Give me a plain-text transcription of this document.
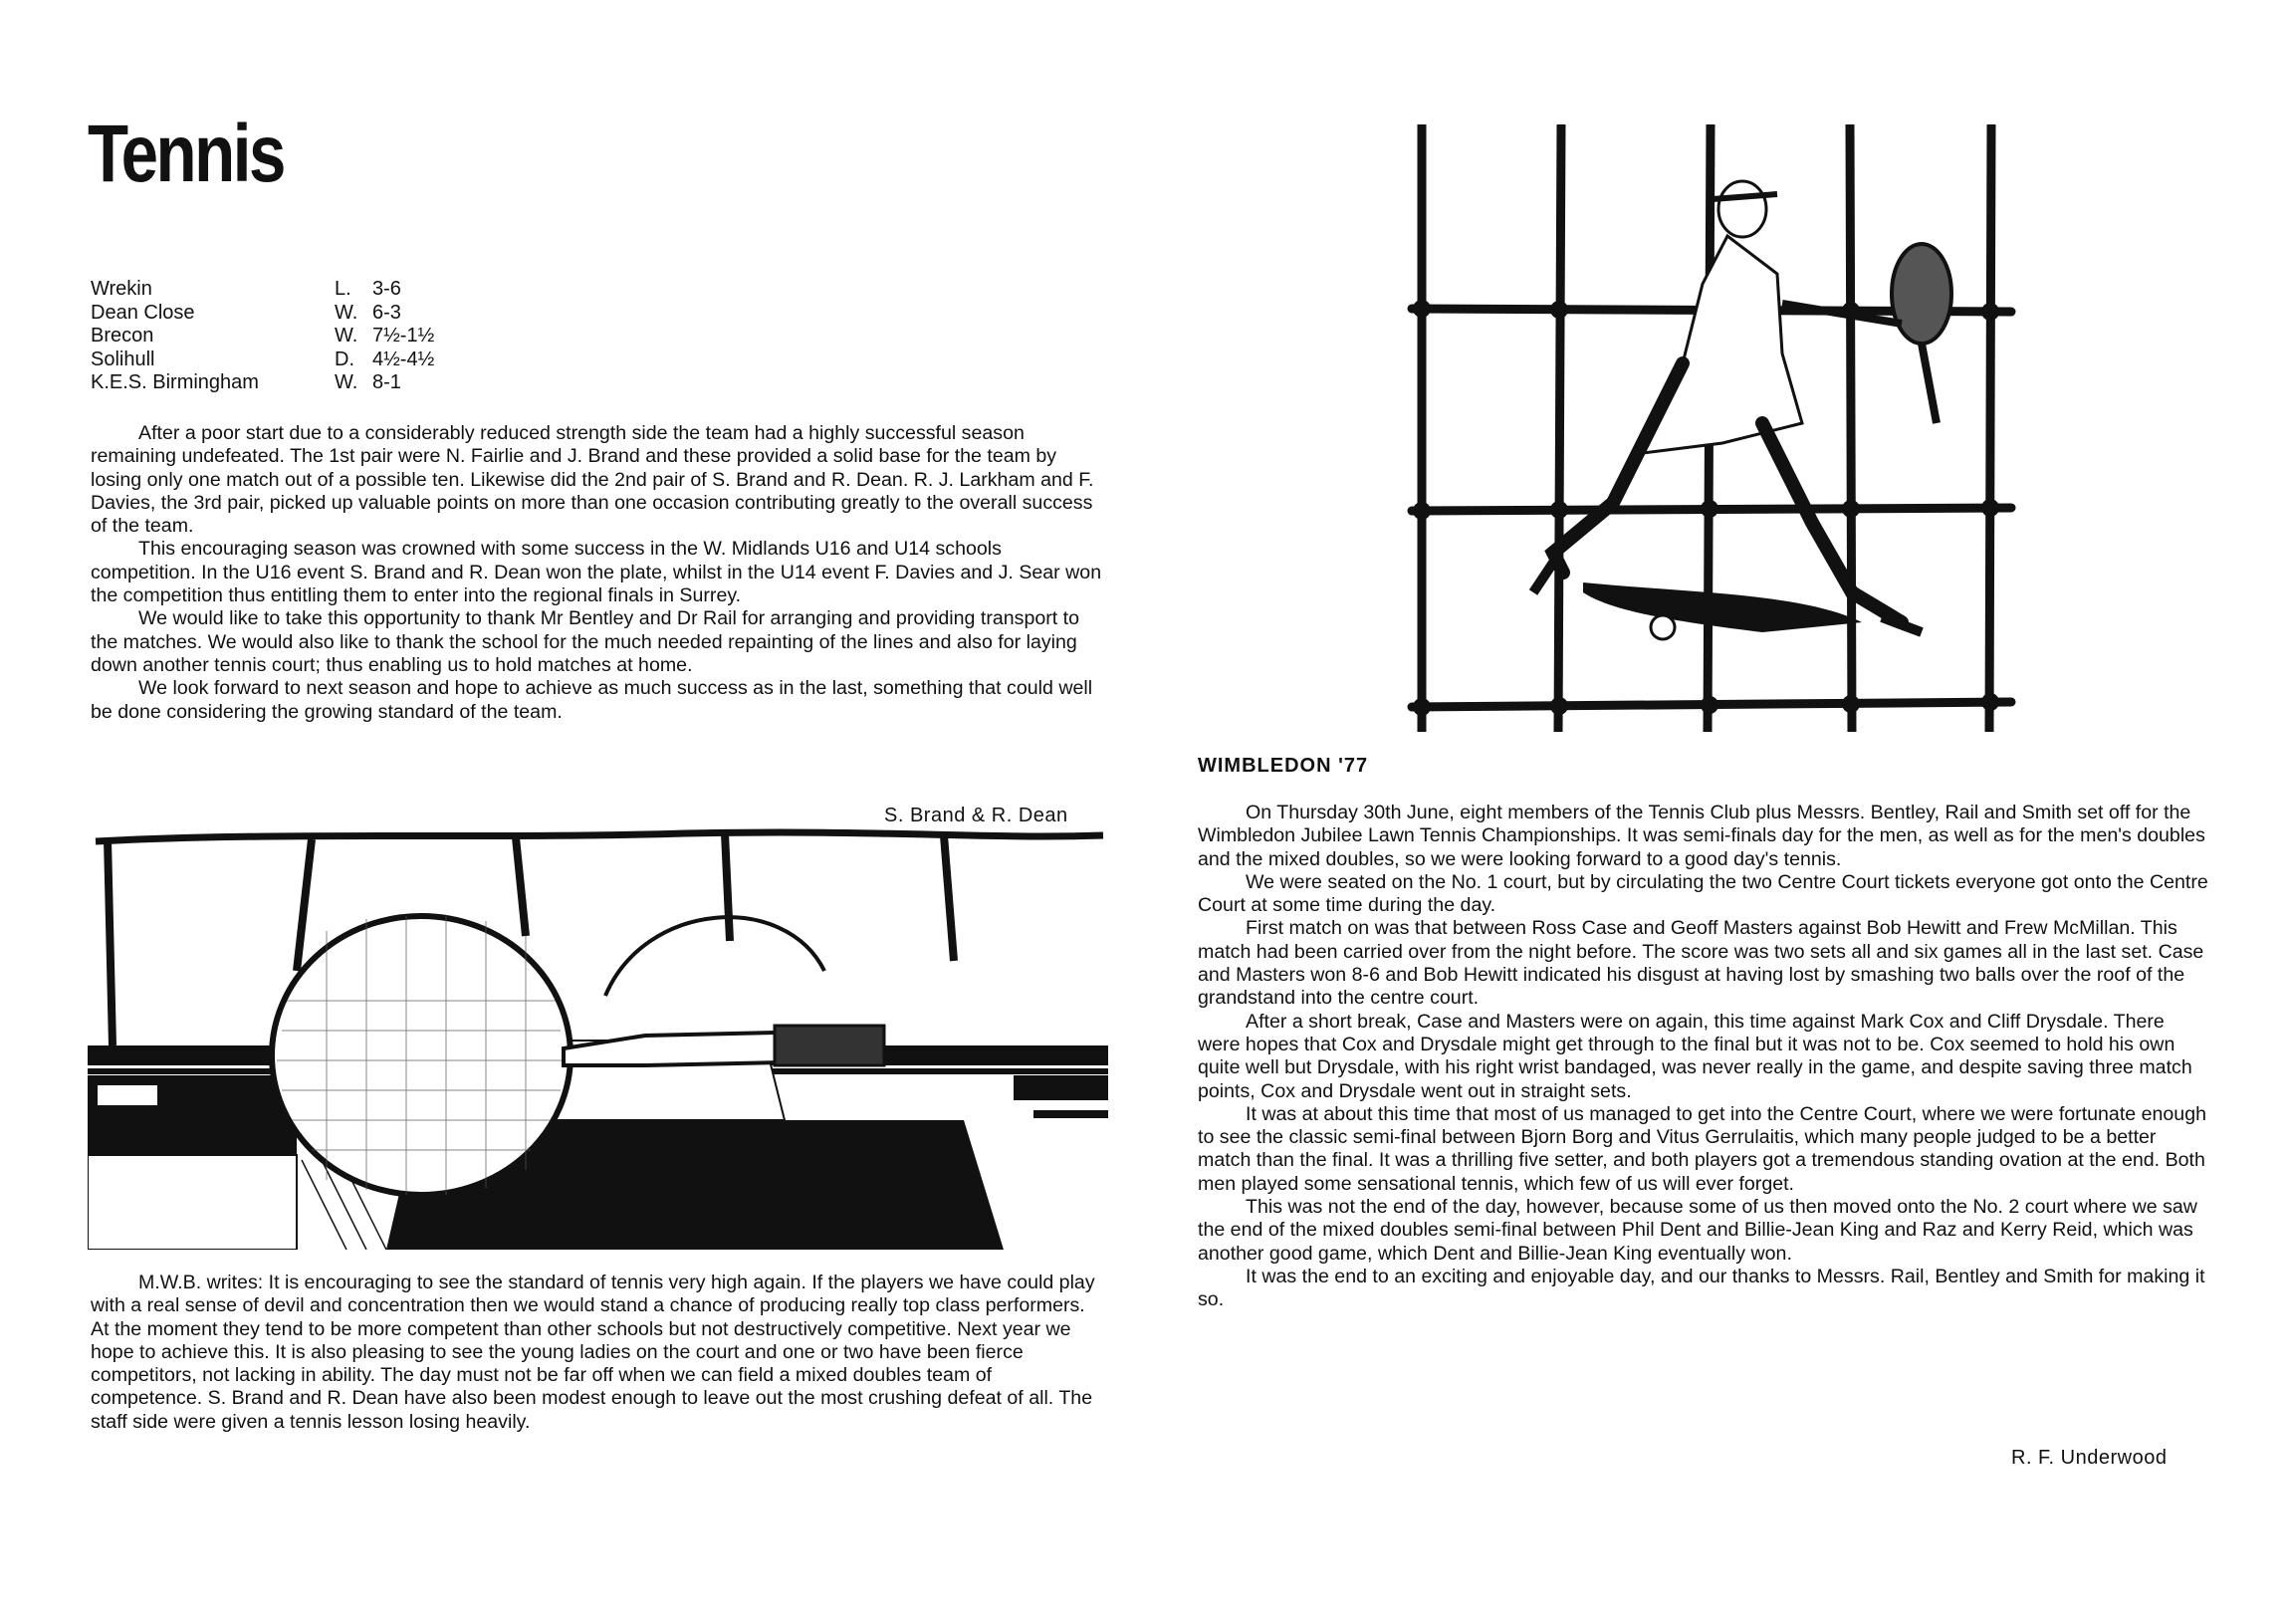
Tennis
Wrekin	L.	3-6
Dean Close	W. 6-3
Brecon	W. 7½-1½
Solihull	D. 4½-4½
K.E.S. Birmingham	W. 8-1

After a poor start due to a considerably reduced strength side the team had a highly successful season remaining undefeated. The 1st pair were N. Fairlie and J. Brand and these provided a solid base for the team by losing only one match out of a possible ten. Likewise did the 2nd pair of S. Brand and R. Dean. R. J. Larkham and F. Davies, the 3rd pair, picked up valuable points on more than one occasion contributing greatly to the overall success of the team.

This encouraging season was crowned with some success in the W. Midlands U16 and U14 schools competition. In the U16 event S. Brand and R. Dean won the plate, whilst in the U14 event F. Davies and J. Sear won the competition thus entitling them to enter into the regional finals in Surrey.

We would like to take this opportunity to thank Mr Bentley and Dr Rail for arranging and providing transport to the matches. We would also like to thank the school for the much needed repainting of the lines and also for laying down another tennis court; thus enabling us to hold matches at home.

We look forward to next season and hope to achieve as much success as in the last, something that could well be done considering the growing standard of the team.

S. Brand & R. Dean

M.W.B. writes: It is encouraging to see the standard of tennis very high again. If the players we have could play with a real sense of devil and concentration then we would stand a chance of producing really top class performers. At the moment they tend to be more competent than other schools but not destructively competitive. Next year we hope to achieve this. It is also pleasing to see the young ladies on the court and one or two have been fierce competitors, not lacking in ability. The day must not be far off when we can field a mixed doubles team of competence. S. Brand and R. Dean have also been modest enough to leave out the most crushing defeat of all. The staff side were given a tennis lesson losing heavily.

WIMBLEDON '77

On Thursday 30th June, eight members of the Tennis Club plus Messrs. Bentley, Rail and Smith set off for the Wimbledon Jubilee Lawn Tennis Championships. It was semi-finals day for the men, as well as for the men's doubles and the mixed doubles, so we were looking forward to a good day's tennis.

We were seated on the No. 1 court, but by circulating the two Centre Court tickets everyone got onto the Centre Court at some time during the day.

First match on was that between Ross Case and Geoff Masters against Bob Hewitt and Frew McMillan. This match had been carried over from the night before. The score was two sets all and six games all in the last set. Case and Masters won 8-6 and Bob Hewitt indicated his disgust at having lost by smashing two balls over the roof of the grandstand into the centre court.

After a short break, Case and Masters were on again, this time against Mark Cox and Cliff Drysdale. There were hopes that Cox and Drysdale might get through to the final but it was not to be. Cox seemed to hold his own quite well but Drysdale, with his right wrist bandaged, was never really in the game, and despite saving three match points, Cox and Drysdale went out in straight sets.

It was at about this time that most of us managed to get into the Centre Court, where we were fortunate enough to see the classic semi-final between Bjorn Borg and Vitus Gerrulaitis, which many people judged to be a better match than the final. It was a thrilling five setter, and both players got a tremendous standing ovation at the end. Both men played some sensational tennis, which few of us will ever forget.

This was not the end of the day, however, because some of us then moved onto the No. 2 court where we saw the end of the mixed doubles semi-final between Phil Dent and Billie-Jean King and Raz and Kerry Reid, which was another good game, which Dent and Billie-Jean King eventually won.

It was the end to an exciting and enjoyable day, and our thanks to Messrs. Rail, Bentley and Smith for making it so.

R. F. Underwood
